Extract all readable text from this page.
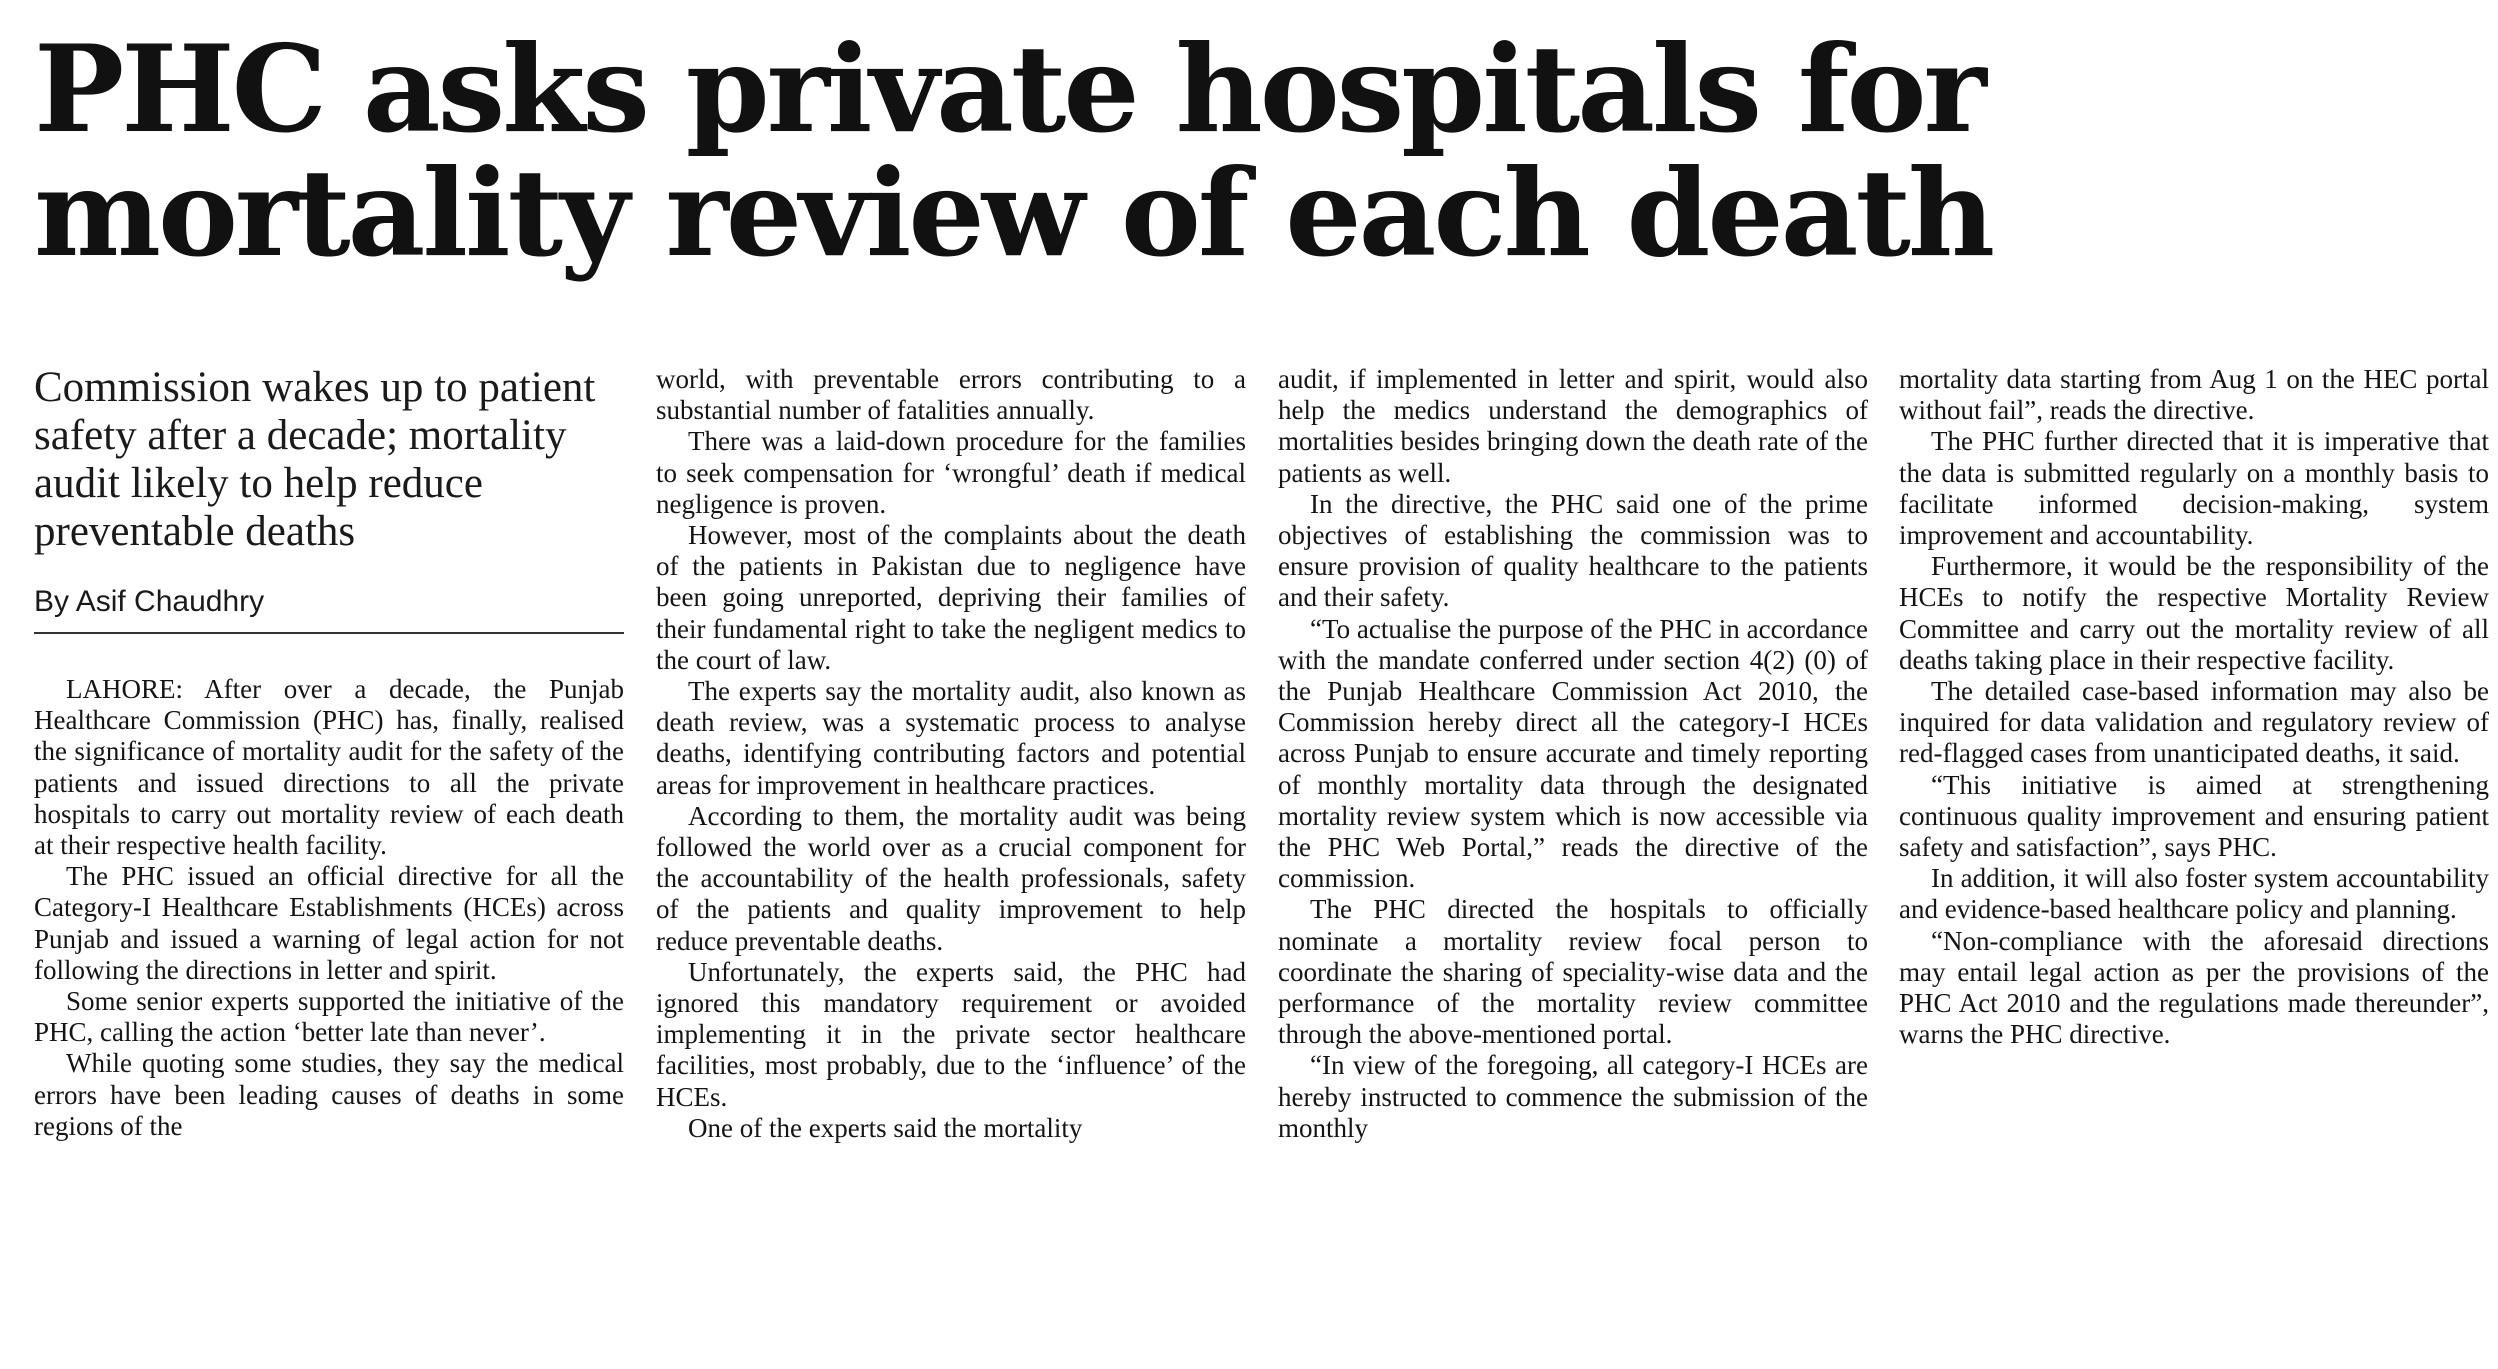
PHC asks private hospitals for
mortality review of each death
Commission wakes up to patient safety after a decade; mortality audit likely to help reduce preventable deaths
By Asif Chaudhry

LAHORE: After over a decade, the Punjab Healthcare Commission (PHC) has, finally, realised the significance of mortality audit for the safety of the patients and issued directions to all the private hospitals to carry out mortality review of each death at their respective health facility.

The PHC issued an official directive for all the Category-I Healthcare Establishments (HCEs) across Punjab and issued a warning of legal action for not following the directions in letter and spirit.

Some senior experts supported the initiative of the PHC, calling the action ‘better late than never’.

While quoting some studies, they say the medical errors have been leading causes of deaths in some regions of the

world, with preventable errors contributing to a substantial number of fatalities annually.

There was a laid-down procedure for the families to seek compensation for ‘wrongful’ death if medical negligence is proven.

However, most of the complaints about the death of the patients in Pakistan due to negligence have been going unreported, depriving their families of their fundamental right to take the negligent medics to the court of law.

The experts say the mortality audit, also known as death review, was a systematic process to analyse deaths, identifying contributing factors and potential areas for improvement in healthcare practices.

According to them, the mortality audit was being followed the world over as a crucial component for the accountability of the health professionals, safety of the patients and quality improvement to help reduce preventable deaths.

Unfortunately, the experts said, the PHC had ignored this mandatory requirement or avoided implementing it in the private sector healthcare facilities, most probably, due to the ‘influence’ of the HCEs.

One of the experts said the mortality

audit, if implemented in letter and spirit, would also help the medics understand the demographics of mortalities besides bringing down the death rate of the patients as well.

In the directive, the PHC said one of the prime objectives of establishing the commission was to ensure provision of quality healthcare to the patients and their safety.

“To actualise the purpose of the PHC in accordance with the mandate conferred under section 4(2) (0) of the Punjab Healthcare Commission Act 2010, the Commission hereby direct all the category-I HCEs across Punjab to ensure accurate and timely reporting of monthly mortality data through the designated mortality review system which is now accessible via the PHC Web Portal,” reads the directive of the commission.

The PHC directed the hospitals to officially nominate a mortality review focal person to coordinate the sharing of speciality-wise data and the performance of the mortality review committee through the above-mentioned portal.

“In view of the foregoing, all category-I HCEs are hereby instructed to commence the submission of the monthly

mortality data starting from Aug 1 on the HEC portal without fail”, reads the directive.

The PHC further directed that it is imperative that the data is submitted regularly on a monthly basis to facilitate informed decision-making, system improvement and accountability.

Furthermore, it would be the responsibility of the HCEs to notify the respective Mortality Review Committee and carry out the mortality review of all deaths taking place in their respective facility.

The detailed case-based information may also be inquired for data validation and regulatory review of red-flagged cases from unanticipated deaths, it said.

“This initiative is aimed at strengthening continuous quality improvement and ensuring patient safety and satisfaction”, says PHC.

In addition, it will also foster system accountability and evidence-based healthcare policy and planning.

“Non-compliance with the aforesaid directions may entail legal action as per the provisions of the PHC Act 2010 and the regulations made thereunder”, warns the PHC directive.
